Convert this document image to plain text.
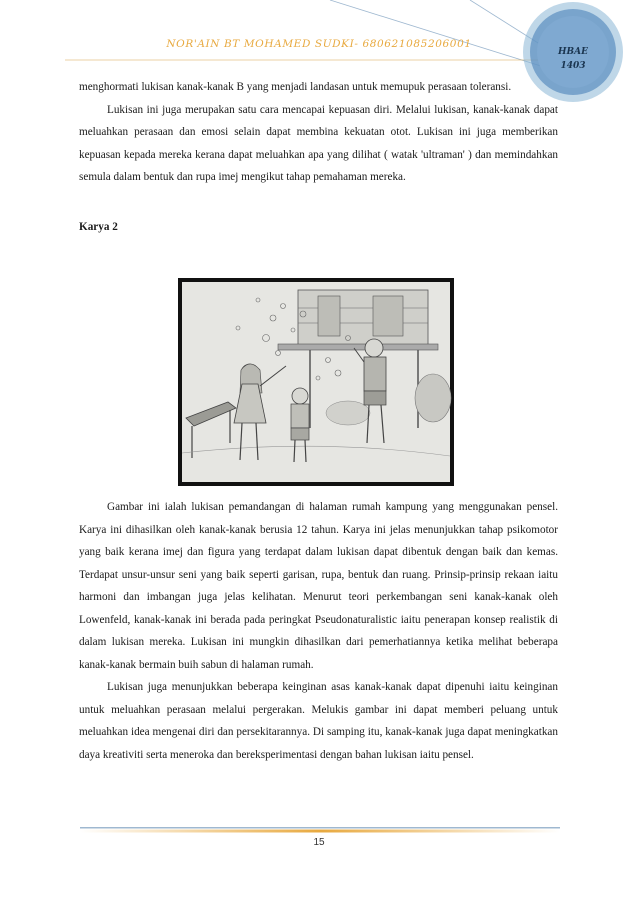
NOR'AIN BT MOHAMED SUDKI- 680621085206001
HBAE
1403

menghormati lukisan kanak-kanak B yang menjadi landasan untuk memupuk perasaan toleransi.

Lukisan ini juga merupakan satu cara mencapai kepuasan diri. Melalui lukisan, kanak-kanak dapat meluahkan perasaan dan emosi selain dapat membina kekuatan otot. Lukisan ini juga memberikan kepuasan kepada mereka kerana dapat meluahkan apa yang dilihat ( watak 'ultraman' ) dan memindahkan semula dalam bentuk dan rupa imej mengikut tahap pemahaman mereka.

Karya 2

Gambar ini ialah lukisan pemandangan di halaman rumah kampung yang menggunakan pensel. Karya ini dihasilkan oleh kanak-kanak berusia 12 tahun. Karya ini jelas menunjukkan tahap psikomotor yang baik kerana imej dan figura yang terdapat dalam lukisan dapat dibentuk dengan baik dan kemas. Terdapat unsur-unsur seni yang baik seperti garisan, rupa, bentuk dan ruang. Prinsip-prinsip rekaan iaitu harmoni dan imbangan juga jelas kelihatan. Menurut teori perkembangan seni kanak-kanak oleh Lowenfeld, kanak-kanak ini berada pada peringkat Pseudonaturalistic iaitu penerapan konsep realistik di dalam lukisan mereka. Lukisan ini mungkin dihasilkan dari pemerhatiannya ketika melihat beberapa kanak-kanak bermain buih sabun di halaman rumah.

Lukisan juga menunjukkan beberapa keinginan asas kanak-kanak dapat dipenuhi iaitu keinginan untuk meluahkan perasaan melalui pergerakan. Melukis gambar ini dapat memberi peluang untuk meluahkan idea mengenai diri dan persekitarannya. Di samping itu, kanak-kanak juga dapat meningkatkan daya kreativiti serta meneroka dan bereksperimentasi dengan bahan lukisan iaitu pensel.

15
